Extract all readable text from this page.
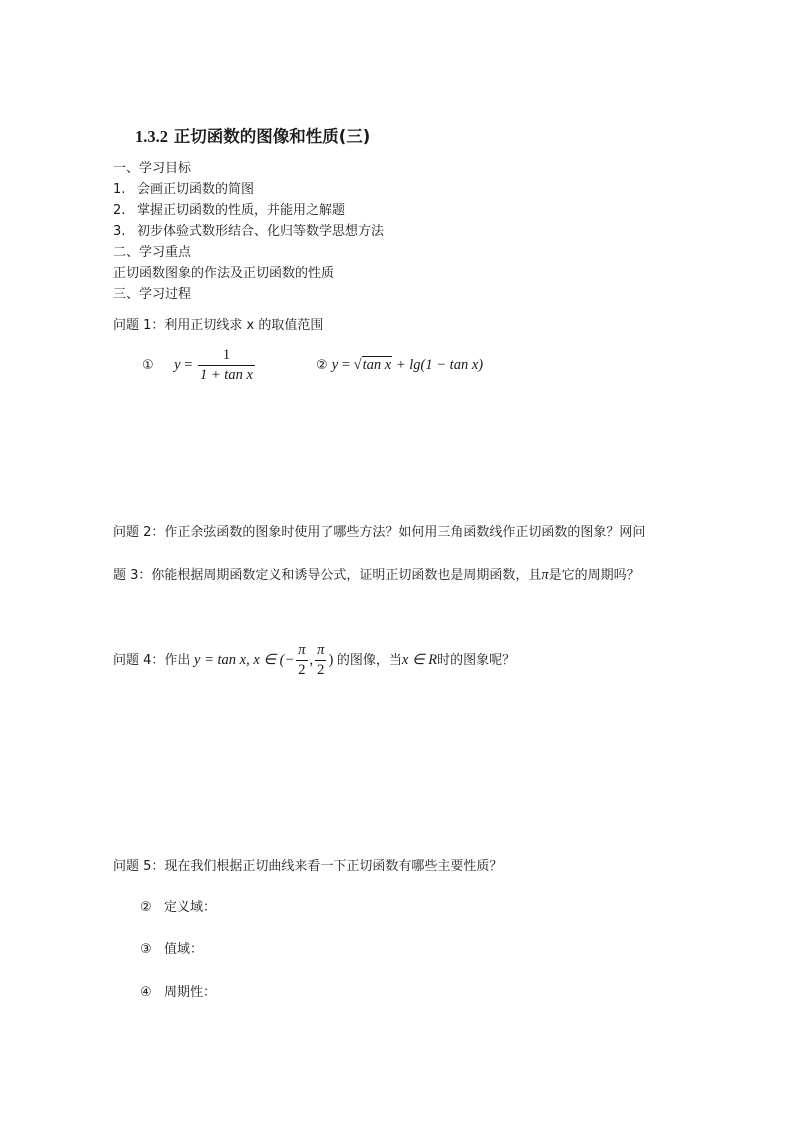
1.3.2 正切函数的图像和性质(三)
一、学习目标
1. 会画正切函数的简图
2. 掌握正切函数的性质，并能用之解题
3. 初步体验式数形结合、化归等数学思想方法
二、学习重点
正切函数图象的作法及正切函数的性质
三、学习过程
问题 1：利用正切线求 x 的取值范围
① $y = \frac{1}{\text{1 + tan x}}$	② y = √tan x + lg(1 − tan x)
问题 2：作正余弦函数的图象时使用了哪些方法？如何用三角函数线作正切函数的图象？网问
题 3：你能根据周期函数定义和诱导公式，证明正切函数也是周期函数，且π是它的周期吗？
问题 4：作出 y = tan x, x ∈ (− $\frac{\pi}{2}$ , $\frac{\pi}{2}$ ) 的图像，当x ∈ R时的图象呢？
问题 5：现在我们根据正切曲线来看一下正切函数有哪些主要性质？
② 定义域：
③ 值域：
④ 周期性：
